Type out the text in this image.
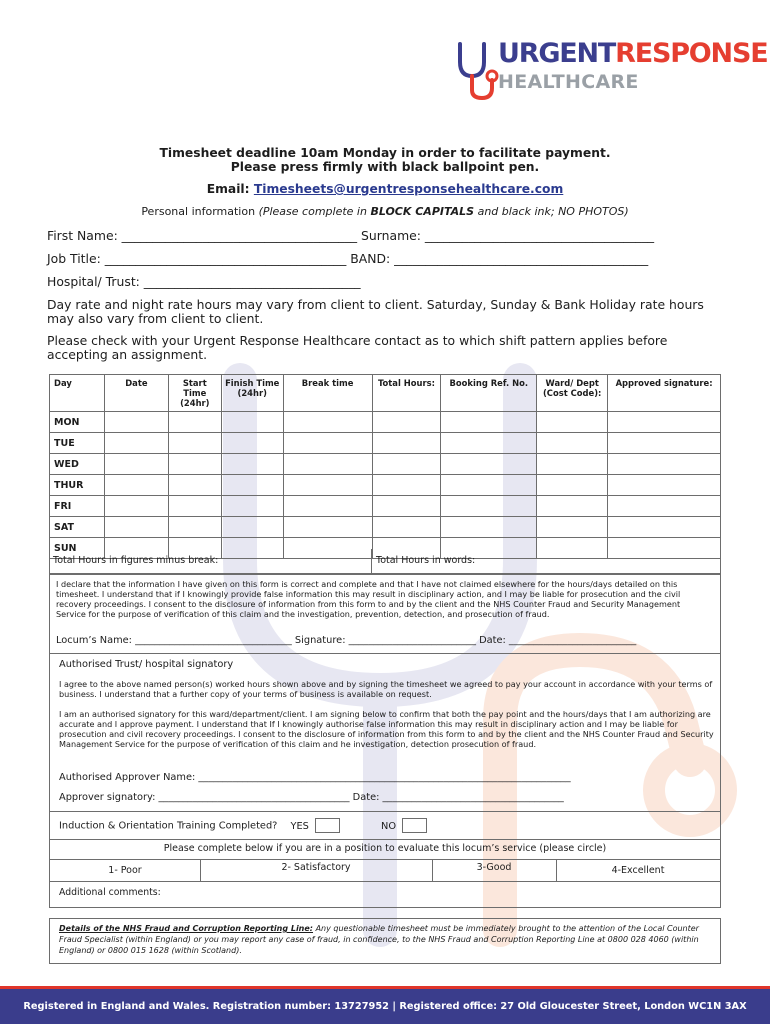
URGENTRESPONSE
HEALTHCARE
Timesheet deadline 10am Monday in order to facilitate payment.
Please press firmly with black ballpoint pen.
Email: Timesheets@urgentresponsehealthcare.com
Personal information (Please complete in BLOCK CAPITALS and black ink; NO PHOTOS)
First Name: ______________________________________ Surname: _____________________________________
Job Title: _______________________________________ BAND: _________________________________________
Hospital/ Trust: ___________________________________
Day rate and night rate hours may vary from client to client. Saturday, Sunday & Bank Holiday rate hours may also vary from client to client.
Please check with your Urgent Response Healthcare contact as to which shift pattern applies before accepting an assignment.
Day	Date	Start Time (24hr)	Finish Time (24hr)	Break time	Total Hours:	Booking Ref. No.	Ward/ Dept (Cost Code):	Approved signature:
MON								
TUE								
WED								
THUR								
FRI								
SAT								
SUN								
Total Hours in figures minus break:	Total Hours in words:
I declare that the information I have given on this form is correct and complete and that I have not claimed elsewhere for the hours/days detailed on this timesheet. I understand that if I knowingly provide false information this may result in disciplinary action, and I may be liable for prosecution and the civil recovery proceedings. I consent to the disclosure of information from this form to and by the client and the NHS Counter Fraud and Security Management Service for the purpose of verification of this claim and the investigation, prevention, detection, and prosecution of fraud.
Locum’s Name: ________________________________ Signature: __________________________ Date: __________________________
Authorised Trust/ hospital signatory
I agree to the above named person(s) worked hours shown above and by signing the timesheet we agreed to pay your account in accordance with your terms of business. I understand that a further copy of your terms of business is available on request.
I am an authorised signatory for this ward/department/client. I am signing below to confirm that both the pay point and the hours/days that I am authorizing are accurate and I approve payment. I understand that If I knowingly authorise false information this may result in disciplinary action and I may be liable for prosecution and civil recovery proceedings. I consent to the disclosure of information from this form to and by the client and the NHS Counter Fraud and Security Management Service for the purpose of verification of this claim and he investigation, detection prosecution of fraud.
Authorised Approver Name: ____________________________________________________________________________
Approver signatory: _______________________________________ Date: _____________________________________
Induction & Orientation Training Completed? YES	NO
Please complete below if you are in a position to evaluate this locum’s service (please circle)
1- Poor	2- Satisfactory	3-Good	4-Excellent
Additional comments:
Details of the NHS Fraud and Corruption Reporting Line: Any questionable timesheet must be immediately brought to the attention of the Local Counter Fraud Specialist (within England) or you may report any case of fraud, in confidence, to the NHS Fraud and Corruption Reporting Line at 0800 028 4060 (within England) or 0800 015 1628 (within Scotland).
Registered in England and Wales. Registration number: 13727952 | Registered office: 27 Old Gloucester Street, London WC1N 3AX
